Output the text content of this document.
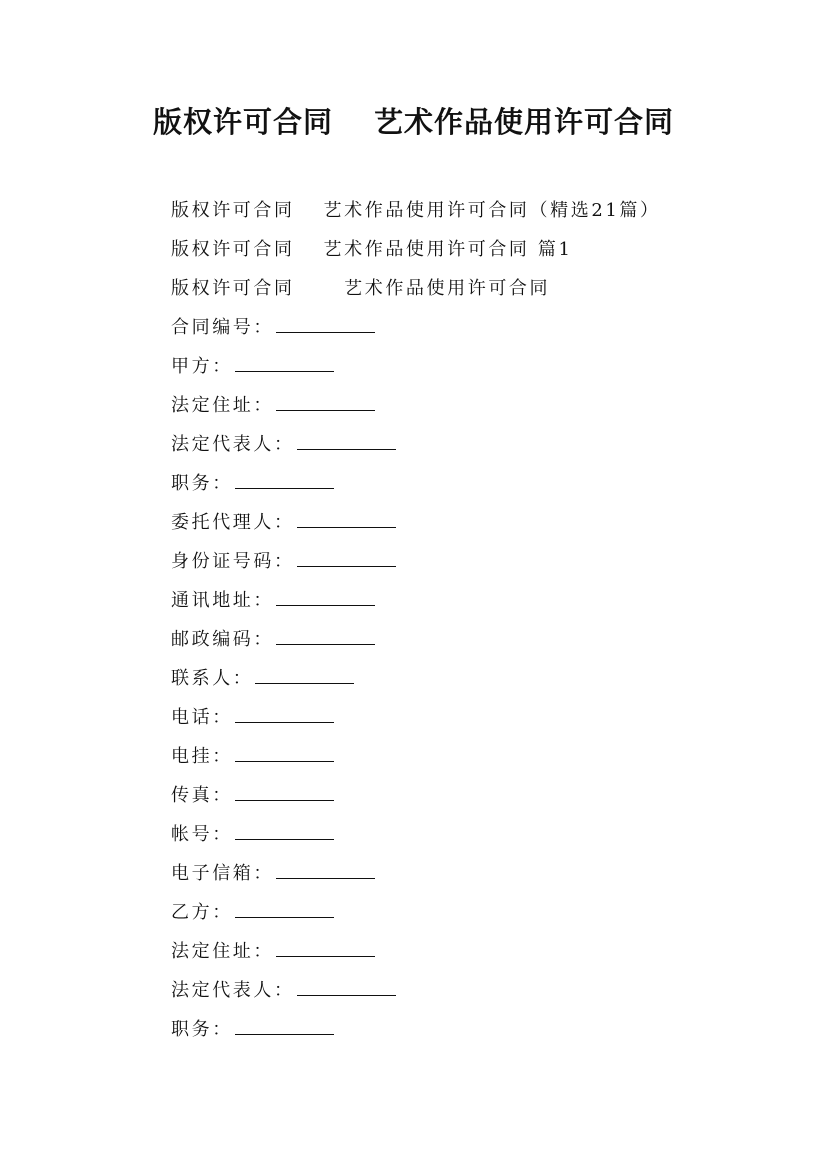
版权许可合同　 艺术作品使用许可合同
版权许可合同　 艺术作品使用许可合同（精选21篇）
版权许可合同　 艺术作品使用许可合同 篇1
版权许可合同　　 艺术作品使用许可合同
合同编号：
甲方：
法定住址：
法定代表人：
职务：
委托代理人：
身份证号码：
通讯地址：
邮政编码：
联系人：
电话：
电挂：
传真：
帐号：
电子信箱：
乙方：
法定住址：
法定代表人：
职务：
